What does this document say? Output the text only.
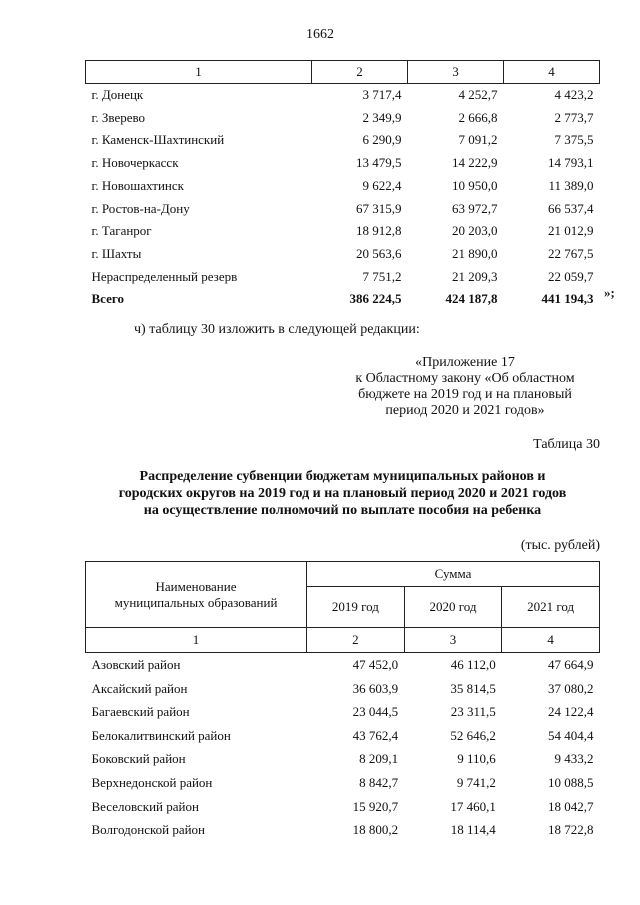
1662
1	2	3	4
г. Донецк	3 717,4	4 252,7	4 423,2
г. Зверево	2 349,9	2 666,8	2 773,7
г. Каменск-Шахтинский	6 290,9	7 091,2	7 375,5
г. Новочеркасск	13 479,5	14 222,9	14 793,1
г. Новошахтинск	9 622,4	10 950,0	11 389,0
г. Ростов-на-Дону	67 315,9	63 972,7	66 537,4
г. Таганрог	18 912,8	20 203,0	21 012,9
г. Шахты	20 563,6	21 890,0	22 767,5
Нераспределенный резерв	7 751,2	21 209,3	22 059,7
Всего	386 224,5	424 187,8	441 194,3 »;
ч) таблицу 30 изложить в следующей редакции:
«Приложение 17
к Областному закону «Об областном
бюджете на 2019 год и на плановый
период 2020 и 2021 годов»
Таблица 30
Распределение субвенции бюджетам муниципальных районов и
городских округов на 2019 год и на плановый период 2020 и 2021 годов
на осуществление полномочий по выплате пособия на ребенка
(тыс. рублей)
Наименование
муниципальных образований	Сумма		
	2019 год	2020 год	2021 год
1	2	3	4
Азовский район	47 452,0	46 112,0	47 664,9
Аксайский район	36 603,9	35 814,5	37 080,2
Багаевский район	23 044,5	23 311,5	24 122,4
Белокалитвинский район	43 762,4	52 646,2	54 404,4
Боковский район	8 209,1	9 110,6	9 433,2
Верхнедонской район	8 842,7	9 741,2	10 088,5
Веселовский район	15 920,7	17 460,1	18 042,7
Волгодонской район	18 800,2	18 114,4	18 722,8
